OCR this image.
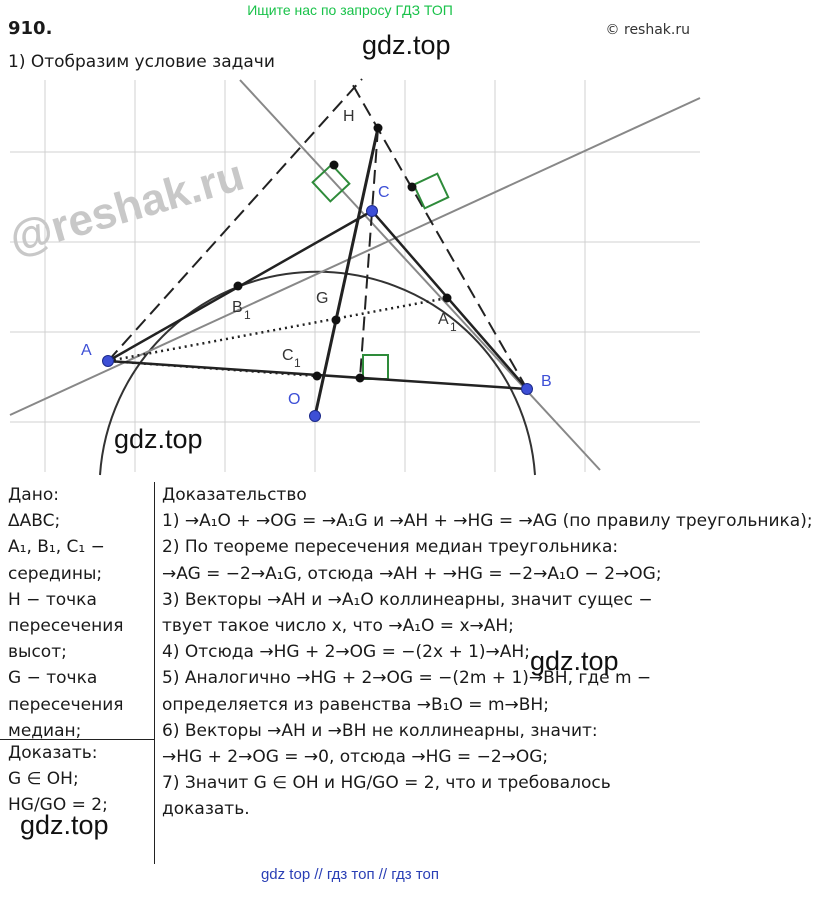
Ищите нас по запросу ГДЗ ТОП
910.	© reshak.ru
1) Отобразим условие задачи
gdz.top
@reshak.ru
H
C
A
B
O
G
B 1	A 1
C 1
gdz.top
Дано:
ΔABC;
A₁, B₁, C₁ −
середины;
H − точка
пересечения
высот;
G − точка
пересечения
медиан;
Доказать:
G ∈ OH;
HG/GO = 2;
Доказательство
1) →A₁O + →OG = →A₁G и →AH + →HG = →AG (по правилу треугольника);
2) По теореме пересечения медиан треугольника:
→AG = −2→A₁G, отсюда →AH + →HG = −2→A₁O − 2→OG;
3) Векторы →AH и →A₁O коллинеарны, значит сущес −
твует такое число x, что →A₁O = x→AH;
4) Отсюда →HG + 2→OG = −(2x + 1)→AH;
5) Аналогично →HG + 2→OG = −(2m + 1)→BH, где m −
определяется из равенства →B₁O = m→BH;
6) Векторы →AH и →BH не коллинеарны, значит:
→HG + 2→OG = →0, отсюда →HG = −2→OG;
7) Значит G ∈ OH и HG/GO = 2, что и требовалось
доказать.
gdz.top
gdz.top
gdz top // гдз топ // гдз топ
